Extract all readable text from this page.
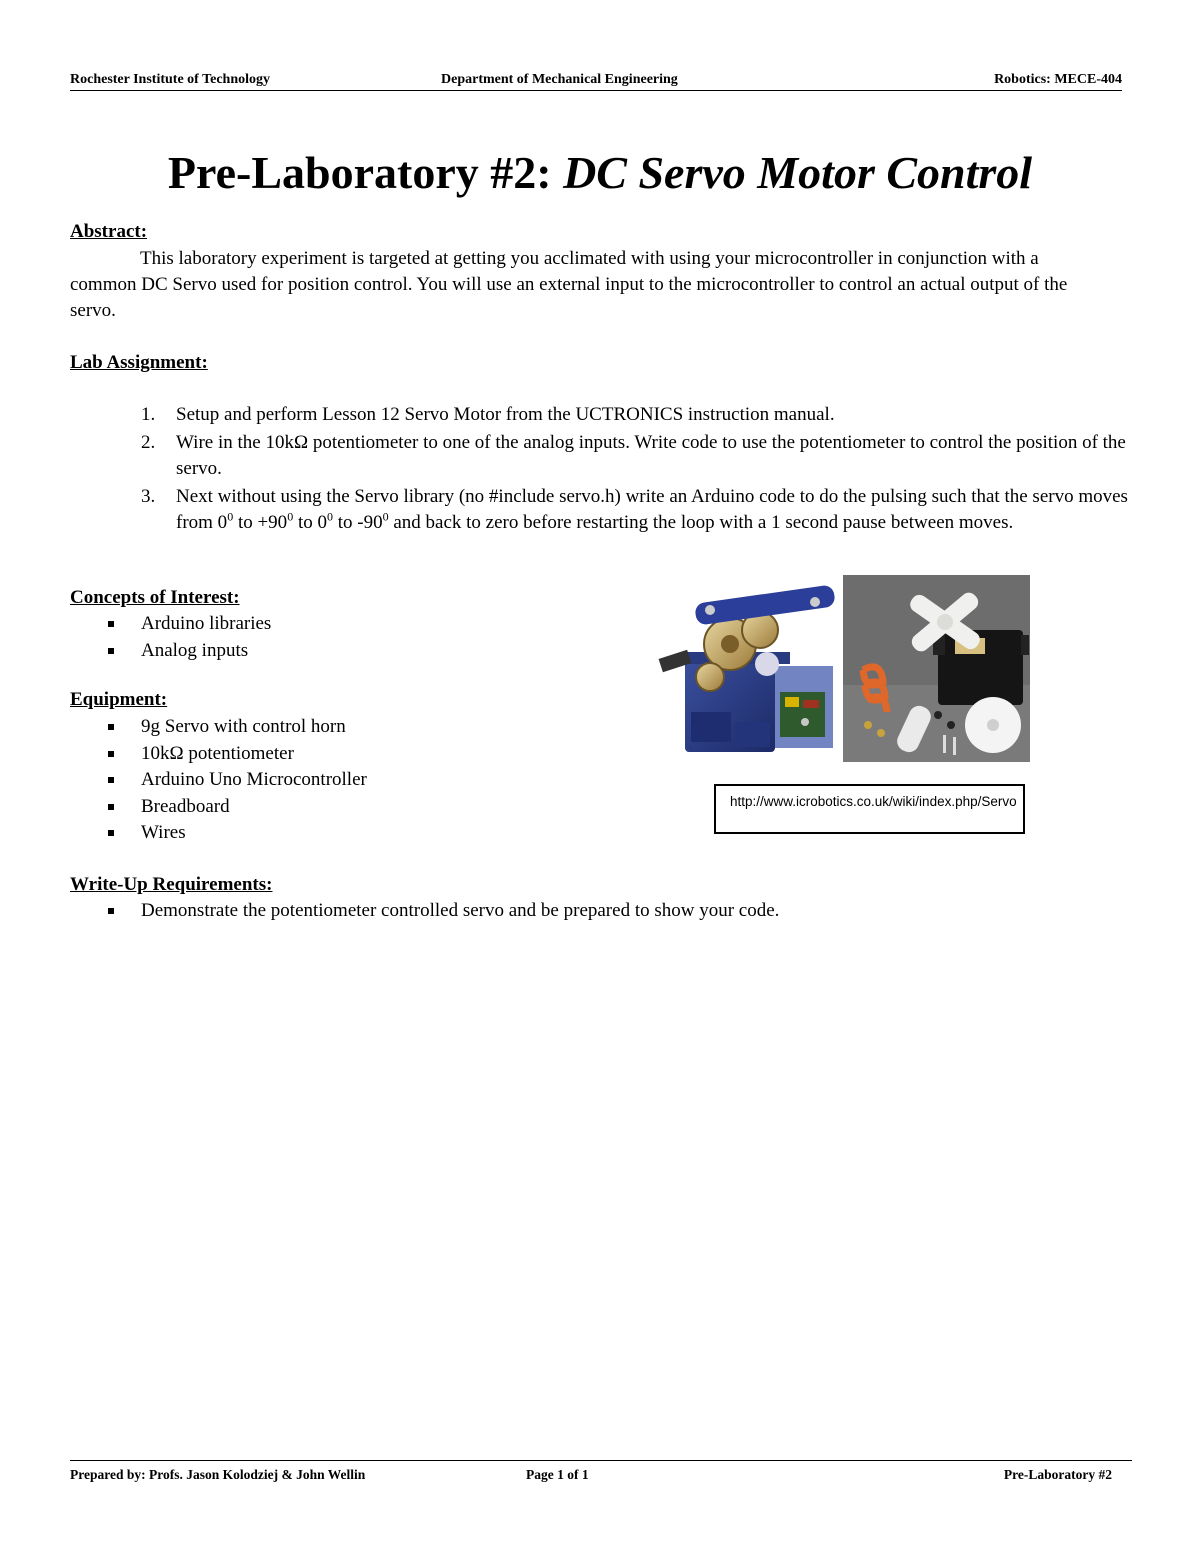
Rochester Institute of Technology	Department of Mechanical Engineering	Robotics: MECE-404
Pre-Laboratory #2: DC Servo Motor Control
Abstract:
This laboratory experiment is targeted at getting you acclimated with using your microcontroller in conjunction with a common DC Servo used for position control. You will use an external input to the microcontroller to control an actual output of the servo.
Lab Assignment:
1. Setup and perform Lesson 12 Servo Motor from the UCTRONICS instruction manual.
2. Wire in the 10kΩ potentiometer to one of the analog inputs. Write code to use the potentiometer to control the position of the servo.
3. Next without using the Servo library (no #include servo.h) write an Arduino code to do the pulsing such that the servo moves from $0^0$ to $+90^0$ to $0^0$ to $-90^0$ and back to zero before restarting the loop with a 1 second pause between moves.
Concepts of Interest:
Arduino libraries
Analog inputs
Equipment:
9g Servo with control horn
10kΩ potentiometer
Arduino Uno Microcontroller
Breadboard
Wires
Write-Up Requirements:
Demonstrate the potentiometer controlled servo and be prepared to show your code.
http://www.icrobotics.co.uk/wiki/index.php/Servo
Prepared by: Profs. Jason Kolodziej & John Wellin	Page 1 of 1	Pre-Laboratory #2
